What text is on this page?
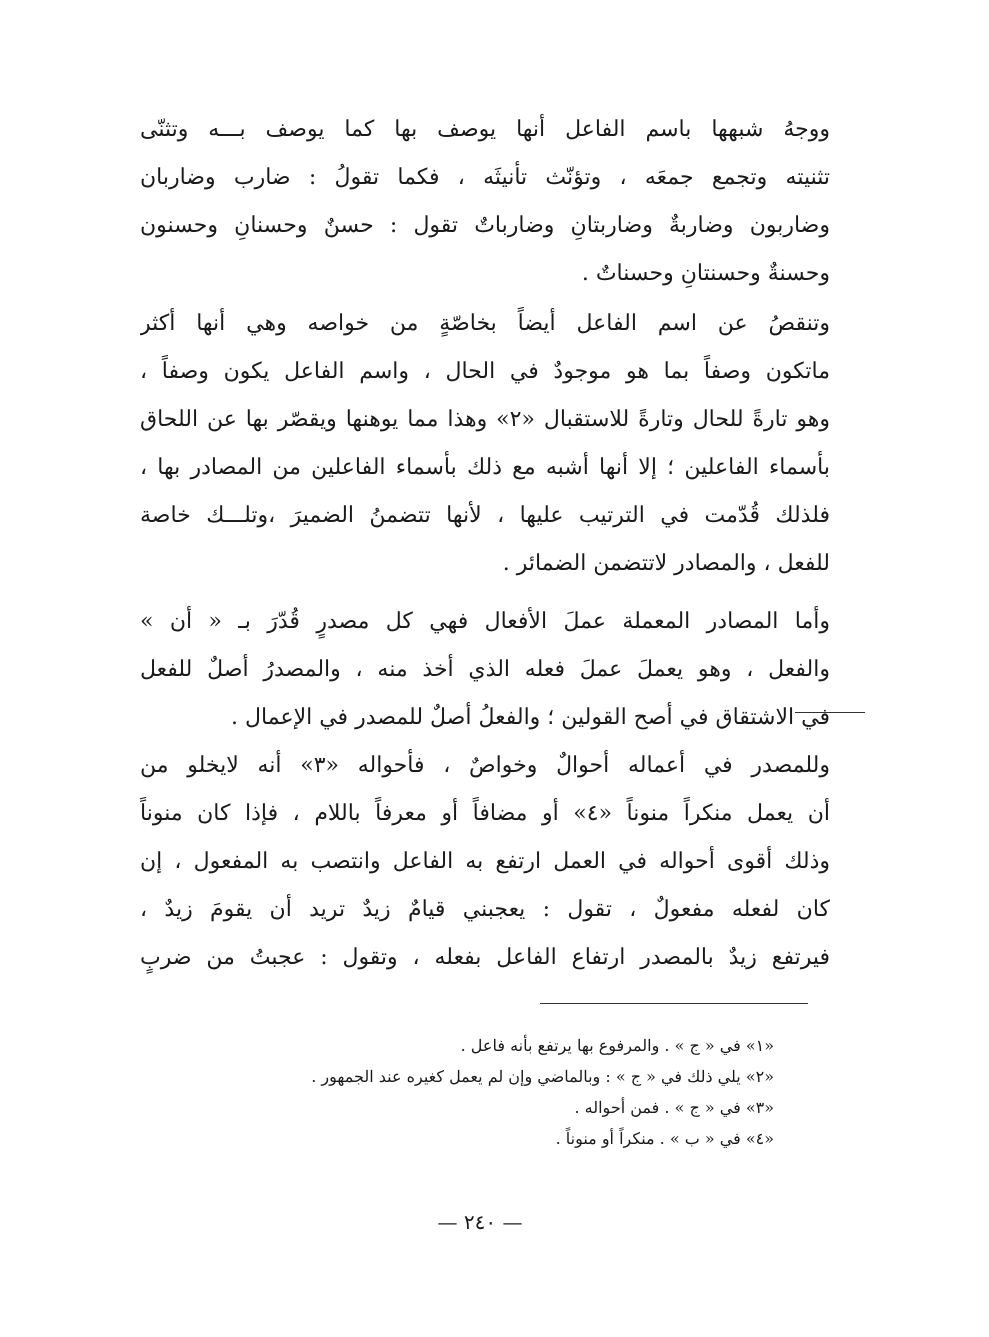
ووجهُ شبهها باسم الفاعل أنها يوصف بها كما يوصف بـــه وتثنّى
تثنيته وتجمع جمعَه ، وتؤنّث تأنيثَه ، فكما تقولُ : ضارب وضاربان
وضاربون وضاربةٌ وضاربتانِ وضارباتٌ تقول : حسنٌ وحسنانِ وحسنون
وحسنةٌ وحسنتانِ وحسناتٌ .
وتنقصُ عن اسم الفاعل أيضاً بخاصّةٍ من خواصه وهي أنها أكثر
ماتكون وصفاً بما هو موجودٌ في الحال ، واسم الفاعل يكون وصفاً ،
وهو تارةً للحال وتارةً للاستقبال «٢» وهذا مما يوهنها ويقصّر بها عن اللحاق
بأسماء الفاعلين ؛ إلا أنها أشبه مع ذلك بأسماء الفاعلين من المصادر بها ،
فلذلك قُدّمت في الترتيب عليها ، لأنها تتضمنُ الضميرَ ،وتلـــك خاصة
للفعل ، والمصادر لاتتضمن الضمائر .
وأما المصادر المعملة عملَ الأفعال فهي كل مصدرٍ قُدّرَ بـ « أن »
والفعل ، وهو يعملَ عملَ فعله الذي أخذ منه ، والمصدرُ أصلٌ للفعل
في الاشتقاق في أصح القولين ؛ والفعلُ أصلٌ للمصدر في الإعمال .
وللمصدر في أعماله أحوالٌ وخواصٌ ، فأحواله «٣» أنه لايخلو من
أن يعمل منكراً منوناً «٤» أو مضافاً أو معرفاً باللام ، فإذا كان منوناً
وذلك أقوى أحواله في العمل ارتفع به الفاعل وانتصب به المفعول ، إن
كان لفعله مفعولٌ ، تقول : يعجبني قيامٌ زيدٌ تريد أن يقومَ زيدٌ ،
فيرتفع زيدٌ بالمصدر ارتفاع الفاعل بفعله ، وتقول : عجبتُ من ضربٍ
«١» في « ج » . والمرفوع بها يرتفع بأنه فاعل .
«٢» يلي ذلك في « ج » : وبالماضي وإن لم يعمل كغيره عند الجمهور .
«٣» في « ج » . فمن أحواله .
«٤» في « ب » . منكراً أو منوناً .
— ٢٤٠ —
